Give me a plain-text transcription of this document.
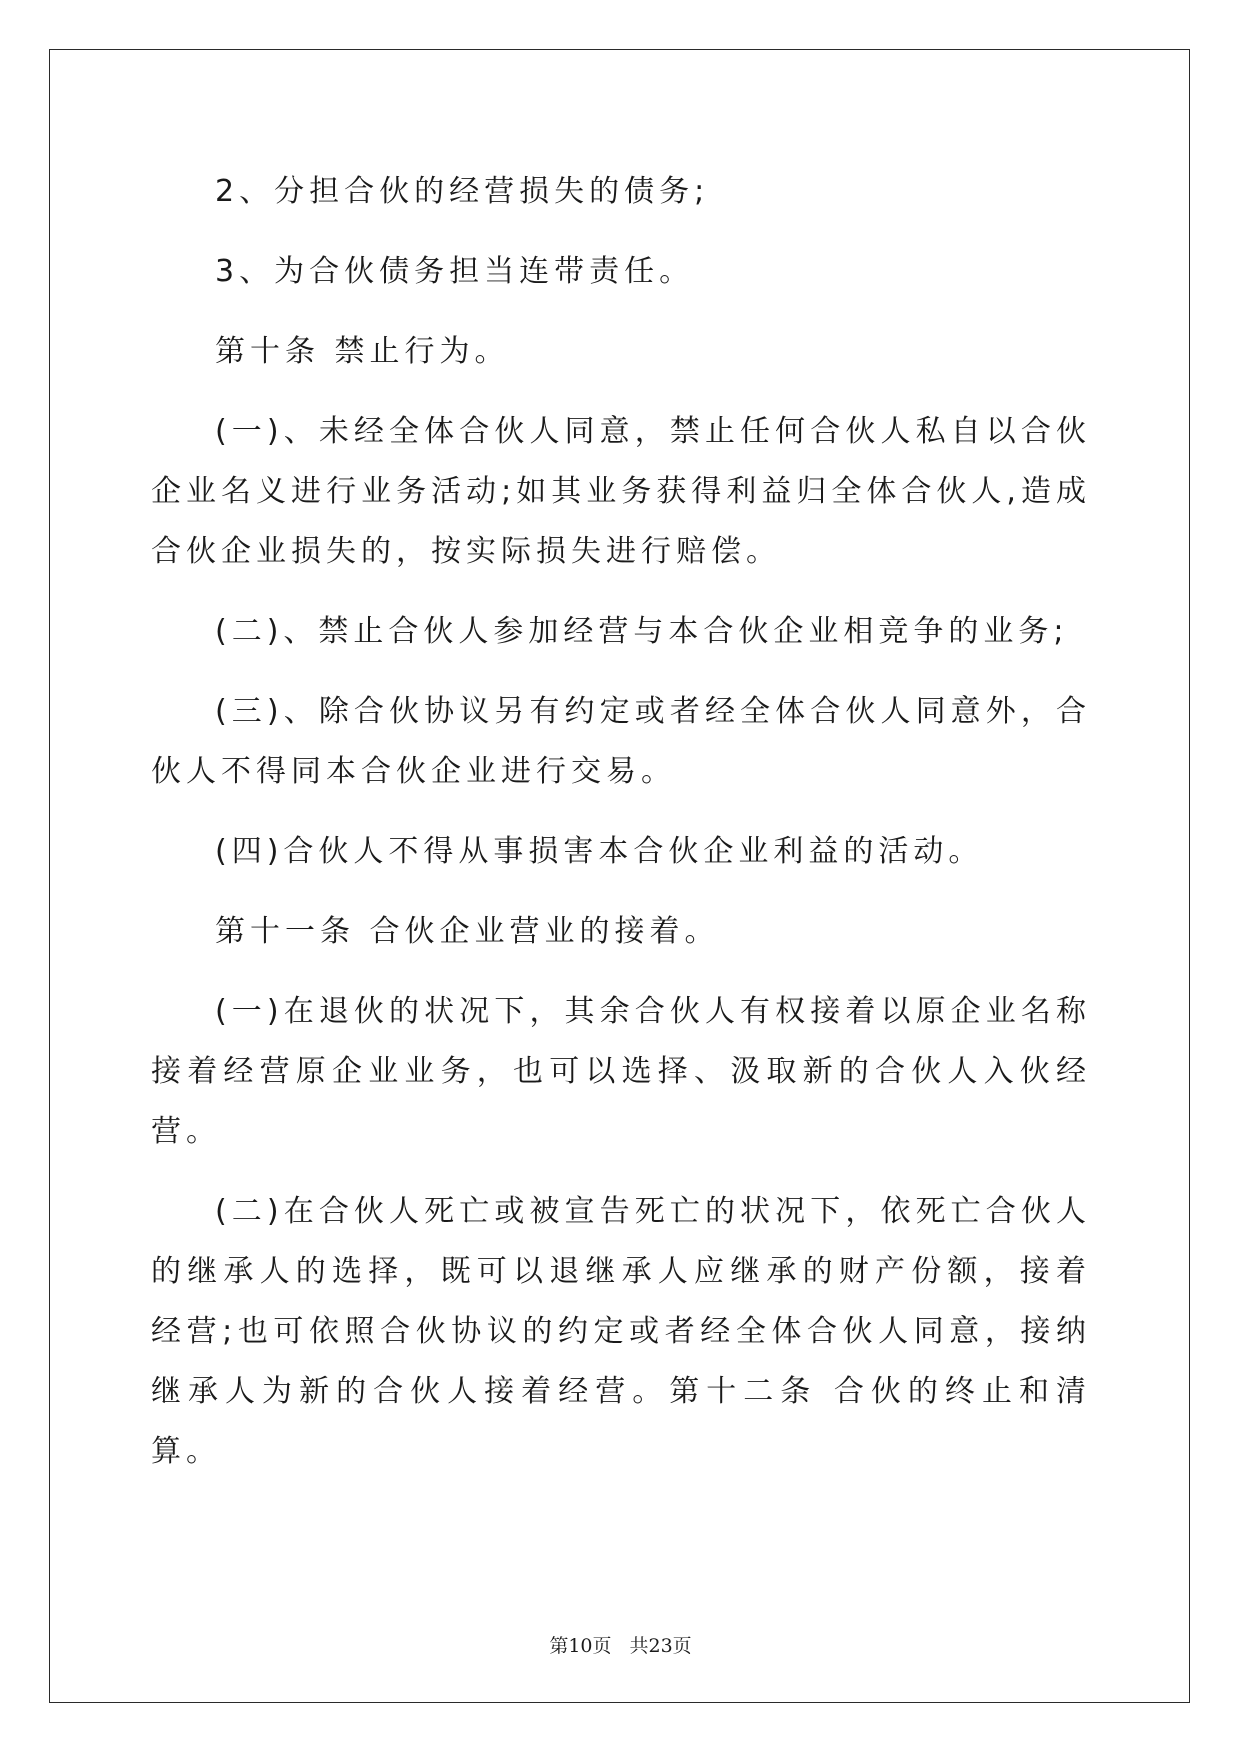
2、分担合伙的经营损失的债务;

3、为合伙债务担当连带责任。

第十条 禁止行为。

(一)、未经全体合伙人同意，禁止任何合伙人私自以合伙企业名义进行业务活动;如其业务获得利益归全体合伙人,造成合伙企业损失的，按实际损失进行赔偿。

(二)、禁止合伙人参加经营与本合伙企业相竞争的业务;

(三)、除合伙协议另有约定或者经全体合伙人同意外，合伙人不得同本合伙企业进行交易。

(四)合伙人不得从事损害本合伙企业利益的活动。

第十一条 合伙企业营业的接着。

(一)在退伙的状况下，其余合伙人有权接着以原企业名称接着经营原企业业务，也可以选择、汲取新的合伙人入伙经营。

(二)在合伙人死亡或被宣告死亡的状况下，依死亡合伙人的继承人的选择，既可以退继承人应继承的财产份额，接着经营;也可依照合伙协议的约定或者经全体合伙人同意，接纳继承人为新的合伙人接着经营。第十二条 合伙的终止和清算。

第10页 共23页
